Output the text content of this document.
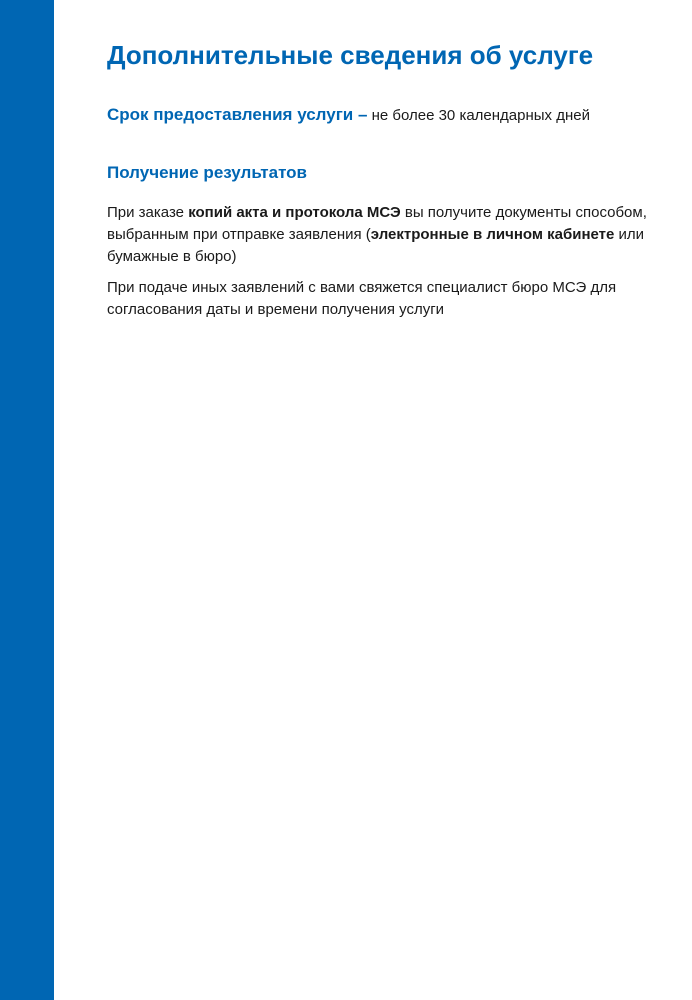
Дополнительные сведения об услуге

Срок предоставления услуги – не более 30 календарных дней

Получение результатов

При заказе копий акта и протокола МСЭ вы получите документы способом, выбранным при отправке заявления (электронные в личном кабинете или бумажные в бюро)

При подаче иных заявлений с вами свяжется специалист бюро МСЭ для согласования даты и времени получения услуги
